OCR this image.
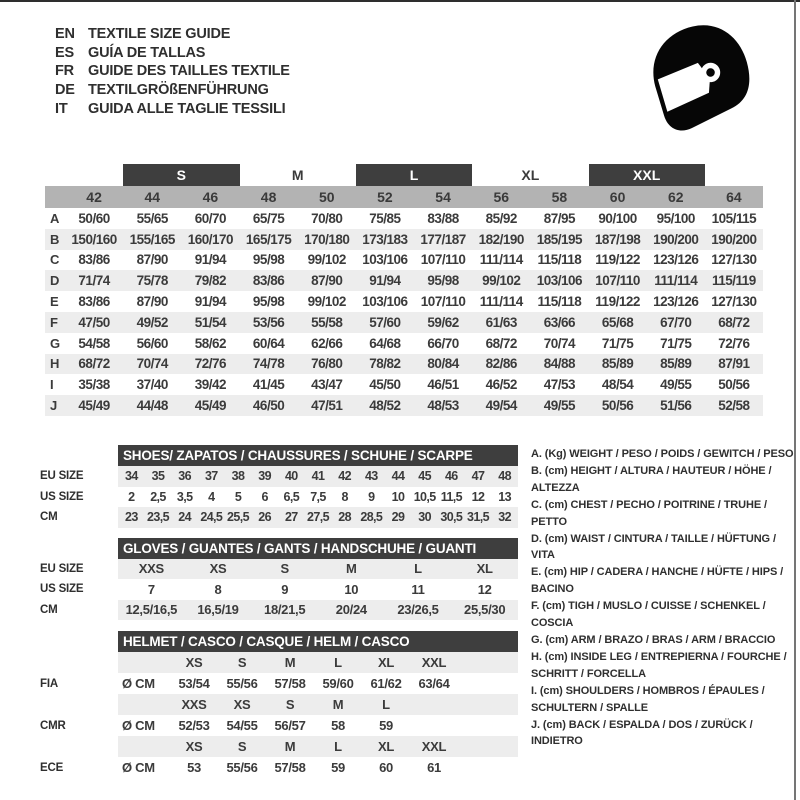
EN TEXTILE SIZE GUIDE
ES GUÍA DE TALLAS
FR GUIDE DES TAILLES TEXTILE
DE TEXTILGRÖßENFÜHRUNG
IT	GUIDA ALLE TAGLIE TESSILI
S	M	L	XL	XXL
42	44	46	48	50	52	54	56	58	60	62	64
A	50/60	55/65	60/70	65/75	70/80	75/85	83/88	85/92	87/95	90/100	95/100	105/115
B 150/160 155/165 160/170 165/175 170/180 173/183 177/187 182/190 185/195 187/198 190/200 190/200
C	83/86	87/90	91/94	95/98	99/102	103/106 107/110	111/114	115/118	119/122 123/126 127/130
D	71/74	75/78	79/82	83/86	87/90	91/94	95/98	99/102	103/106 107/110	111/114	115/119
E	83/86	87/90	91/94	95/98	99/102	103/106 107/110	111/114	115/118	119/122 123/126 127/130
F	47/50	49/52	51/54	53/56	55/58	57/60	59/62	61/63	63/66	65/68	67/70	68/72
G	54/58	56/60	58/62	60/64	62/66	64/68	66/70	68/72	70/74	71/75	71/75	72/76
H	68/72	70/74	72/76	74/78	76/80	78/82	80/84	82/86	84/88	85/89	85/89	87/91
I	35/38	37/40	39/42	41/45	43/47	45/50	46/51	46/52	47/53	48/54	49/55	50/56
J	45/49	44/48	45/49	46/50	47/51	48/52	48/53	49/54	49/55	50/56	51/56	52/58
SHOES/ ZAPATOS / CHAUSSURES / SCHUHE / SCARPE
EU SIZE	34	35	36	37	38	39	40	41	42	43	44	45	46	47	48
US SIZE	2	2,5 3,5	4	5	6	6,5 7,5	8	9	10 10,5 11,5 12	13
CM	23 23,5 24 24,5 25,5 26	27 27,5 28 28,5 29	30 30,5 31,5 32
GLOVES / GUANTES / GANTS / HANDSCHUHE / GUANTI
EU SIZE	XXS	XS	S	M	L	XL
US SIZE	7	8	9	10	11	12
CM	12,5/16,5	16,5/19	18/21,5	20/24	23/26,5	25,5/30
HELMET / CASCO / CASQUE / HELM / CASCO
XS	S	M	L	XL	XXL
FIA	Ø CM	53/54	55/56	57/58	59/60	61/62	63/64
XXS	XS	S	M	L
CMR	Ø CM	52/53	54/55	56/57	58	59
XS	S	M	L	XL	XXL
ECE	Ø CM	53	55/56	57/58	59	60	61
A. (Kg) WEIGHT / PESO / POIDS / GEWITCH / PESO
B. (cm) HEIGHT / ALTURA / HAUTEUR / HÖHE / ALTEZZA
C. (cm) CHEST / PECHO / POITRINE / TRUHE / PETTO
D. (cm) WAIST / CINTURA / TAILLE / HÜFTUNG / VITA
E. (cm) HIP / CADERA / HANCHE / HÜFTE / HIPS / BACINO
F. (cm) TIGH / MUSLO / CUISSE / SCHENKEL / COSCIA
G. (cm) ARM / BRAZO / BRAS / ARM / BRACCIO
H. (cm) INSIDE LEG / ENTREPIERNA / FOURCHE / SCHRITT / FORCELLA
I. (cm) SHOULDERS / HOMBROS / ÉPAULES / SCHULTERN / SPALLE
J. (cm) BACK / ESPALDA / DOS / ZURÜCK / INDIETRO
